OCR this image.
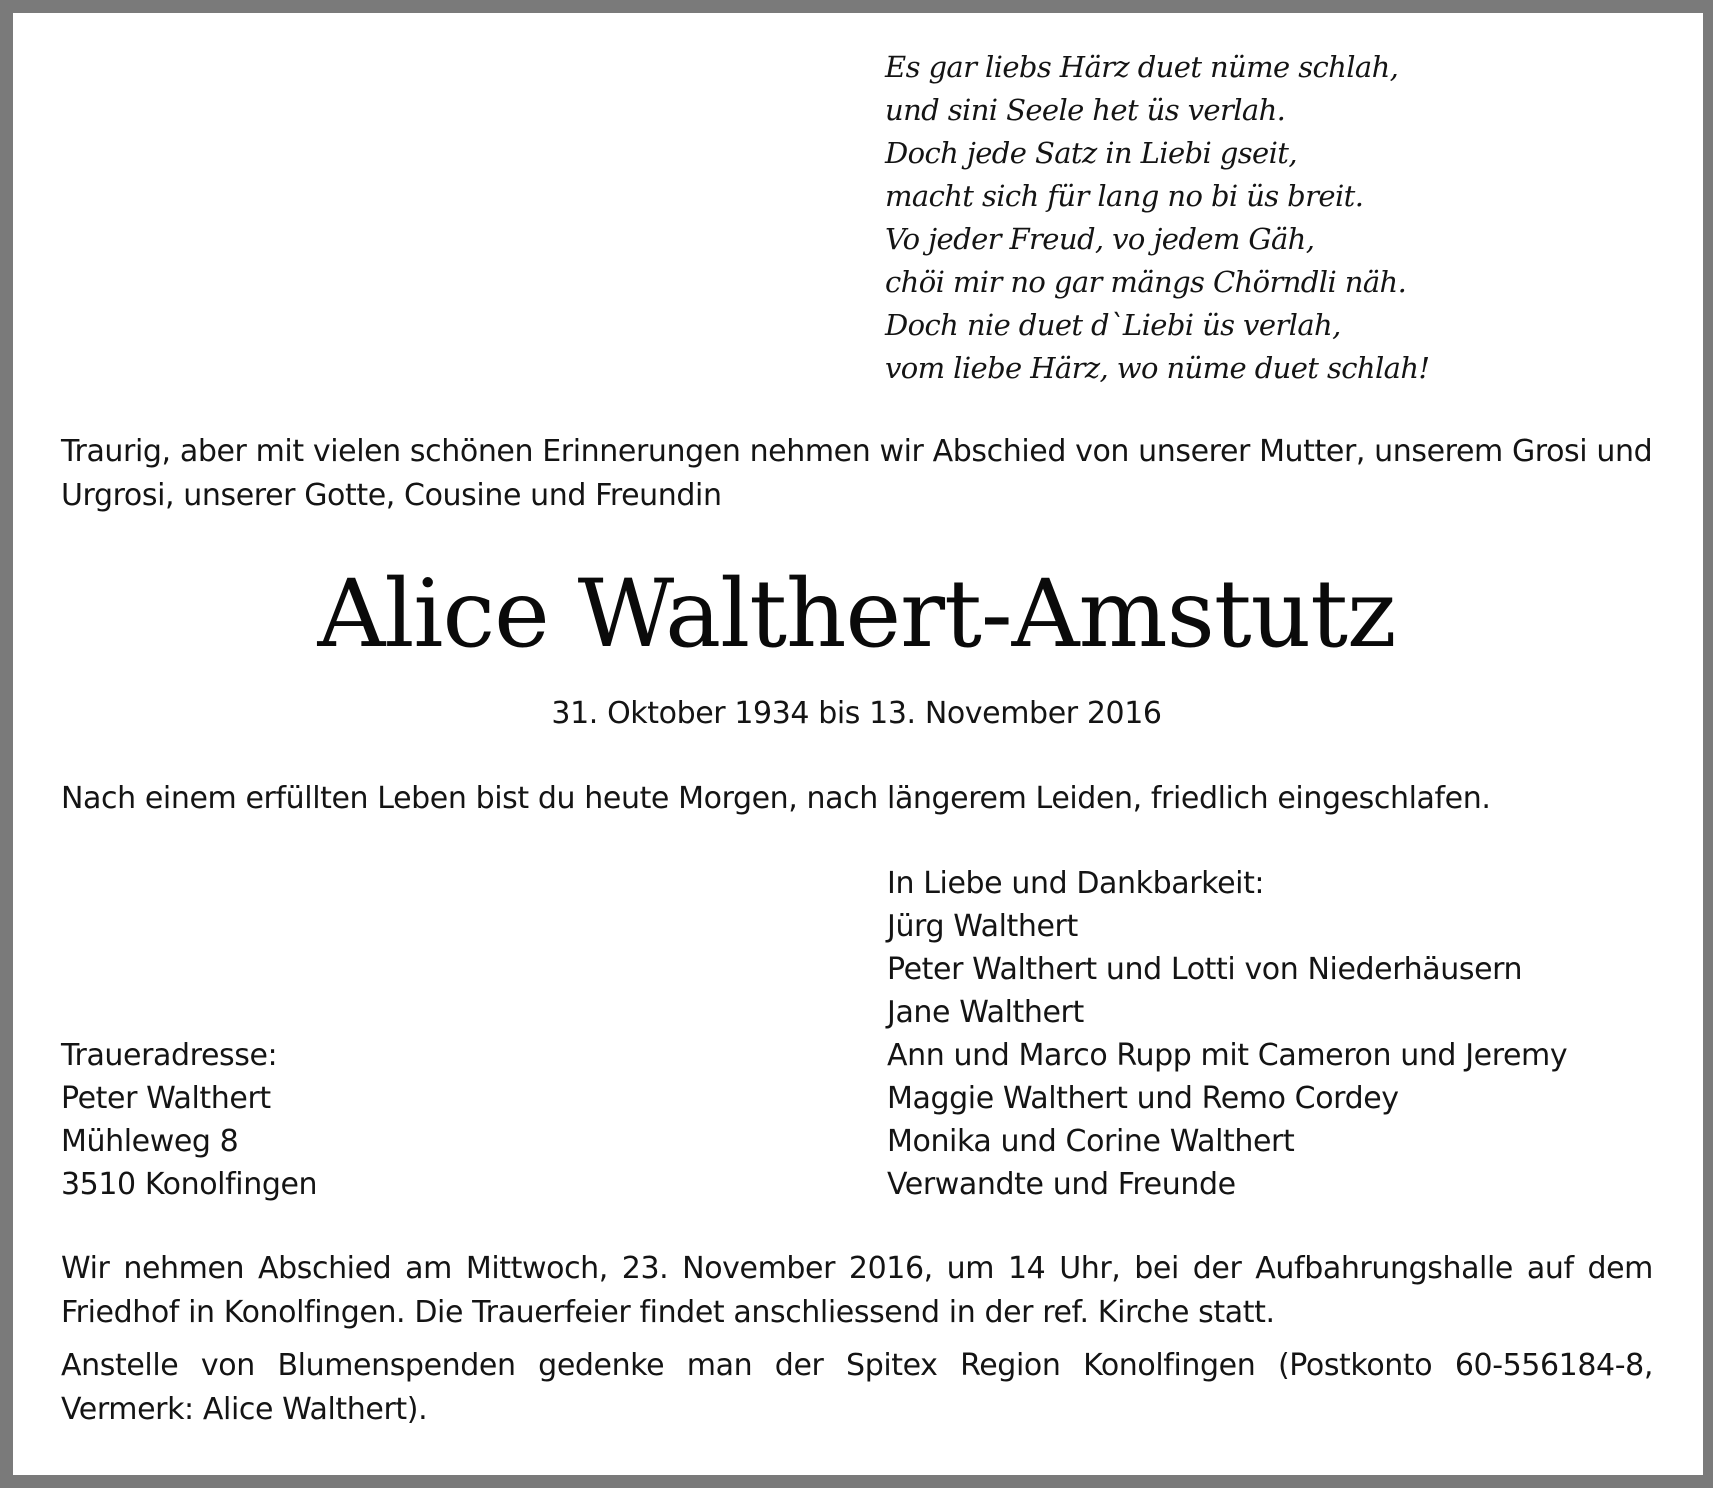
Es gar liebs Härz duet nüme schlah,
und sini Seele het üs verlah.
Doch jede Satz in Liebi gseit,
macht sich für lang no bi üs breit.
Vo jeder Freud, vo jedem Gäh,
chöi mir no gar mängs Chörndli näh.
Doch nie duet d`Liebi üs verlah,
vom liebe Härz, wo nüme duet schlah!
Traurig, aber mit vielen schönen Erinnerungen nehmen wir Abschied von unserer Mutter, unserem Grosi und
Urgrosi, unserer Gotte, Cousine und Freundin
Alice Walthert-Amstutz
31. Oktober 1934 bis 13. November 2016
Nach einem erfüllten Leben bist du heute Morgen, nach längerem Leiden, friedlich eingeschlafen.
In Liebe und Dankbarkeit:
Jürg Walthert
Peter Walthert und Lotti von Niederhäusern
Jane Walthert
Ann und Marco Rupp mit Cameron und Jeremy
Maggie Walthert und Remo Cordey
Monika und Corine Walthert
Verwandte und Freunde
Traueradresse:
Peter Walthert
Mühleweg 8
3510 Konolfingen
Wir nehmen Abschied am Mittwoch, 23. November 2016, um 14 Uhr, bei der Aufbahrungshalle auf dem
Friedhof in Konolfingen. Die Trauerfeier findet anschliessend in der ref. Kirche statt.
Anstelle von Blumenspenden gedenke man der Spitex Region Konolfingen (Postkonto 60-556184-8,
Vermerk: Alice Walthert).
